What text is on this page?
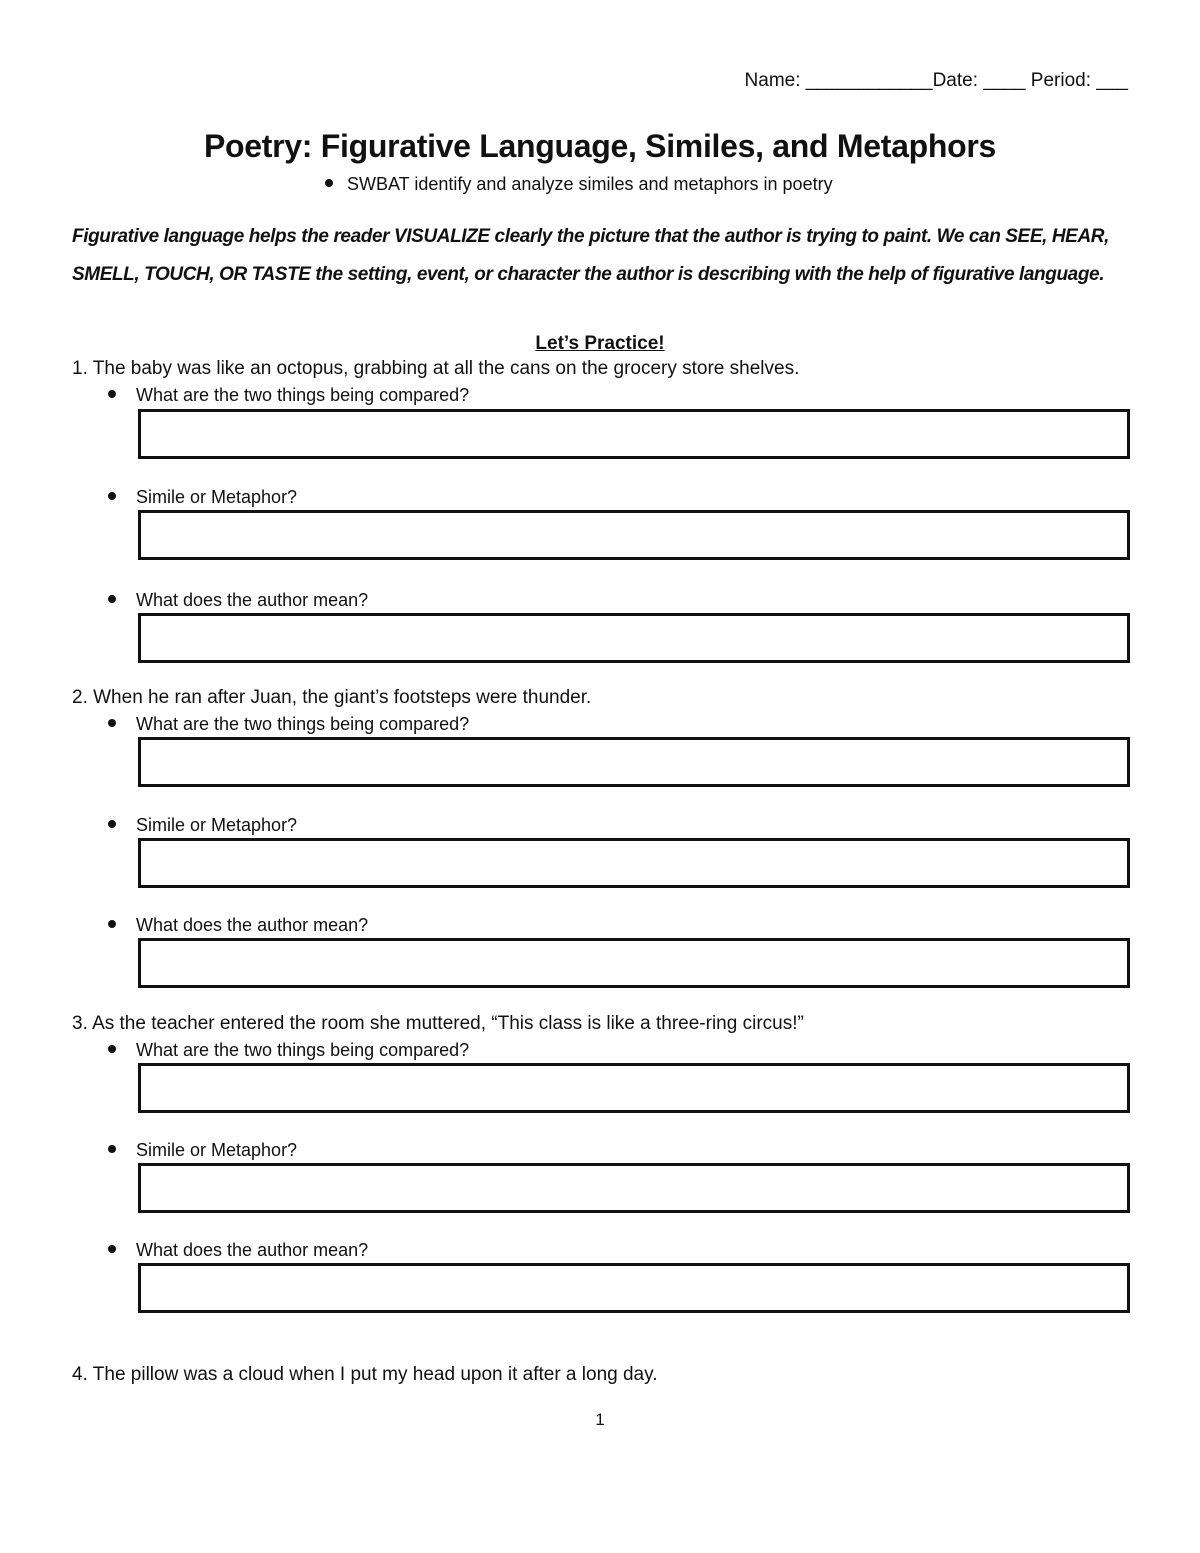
Name: ____________Date: ____ Period: ___
Poetry: Figurative Language, Similes, and Metaphors
SWBAT identify and analyze similes and metaphors in poetry
Figurative language helps the reader VISUALIZE clearly the picture that the author is trying to paint. We can SEE, HEAR, SMELL, TOUCH, OR TASTE the setting, event, or character the author is describing with the help of figurative language.
Let’s Practice!
1. The baby was like an octopus, grabbing at all the cans on the grocery store shelves.
What are the two things being compared?
Simile or Metaphor?
What does the author mean?
2. When he ran after Juan, the giant’s footsteps were thunder.
What are the two things being compared?
Simile or Metaphor?
What does the author mean?
3. As the teacher entered the room she muttered, “This class is like a three-ring circus!”
What are the two things being compared?
Simile or Metaphor?
What does the author mean?
4. The pillow was a cloud when I put my head upon it after a long day.
1
